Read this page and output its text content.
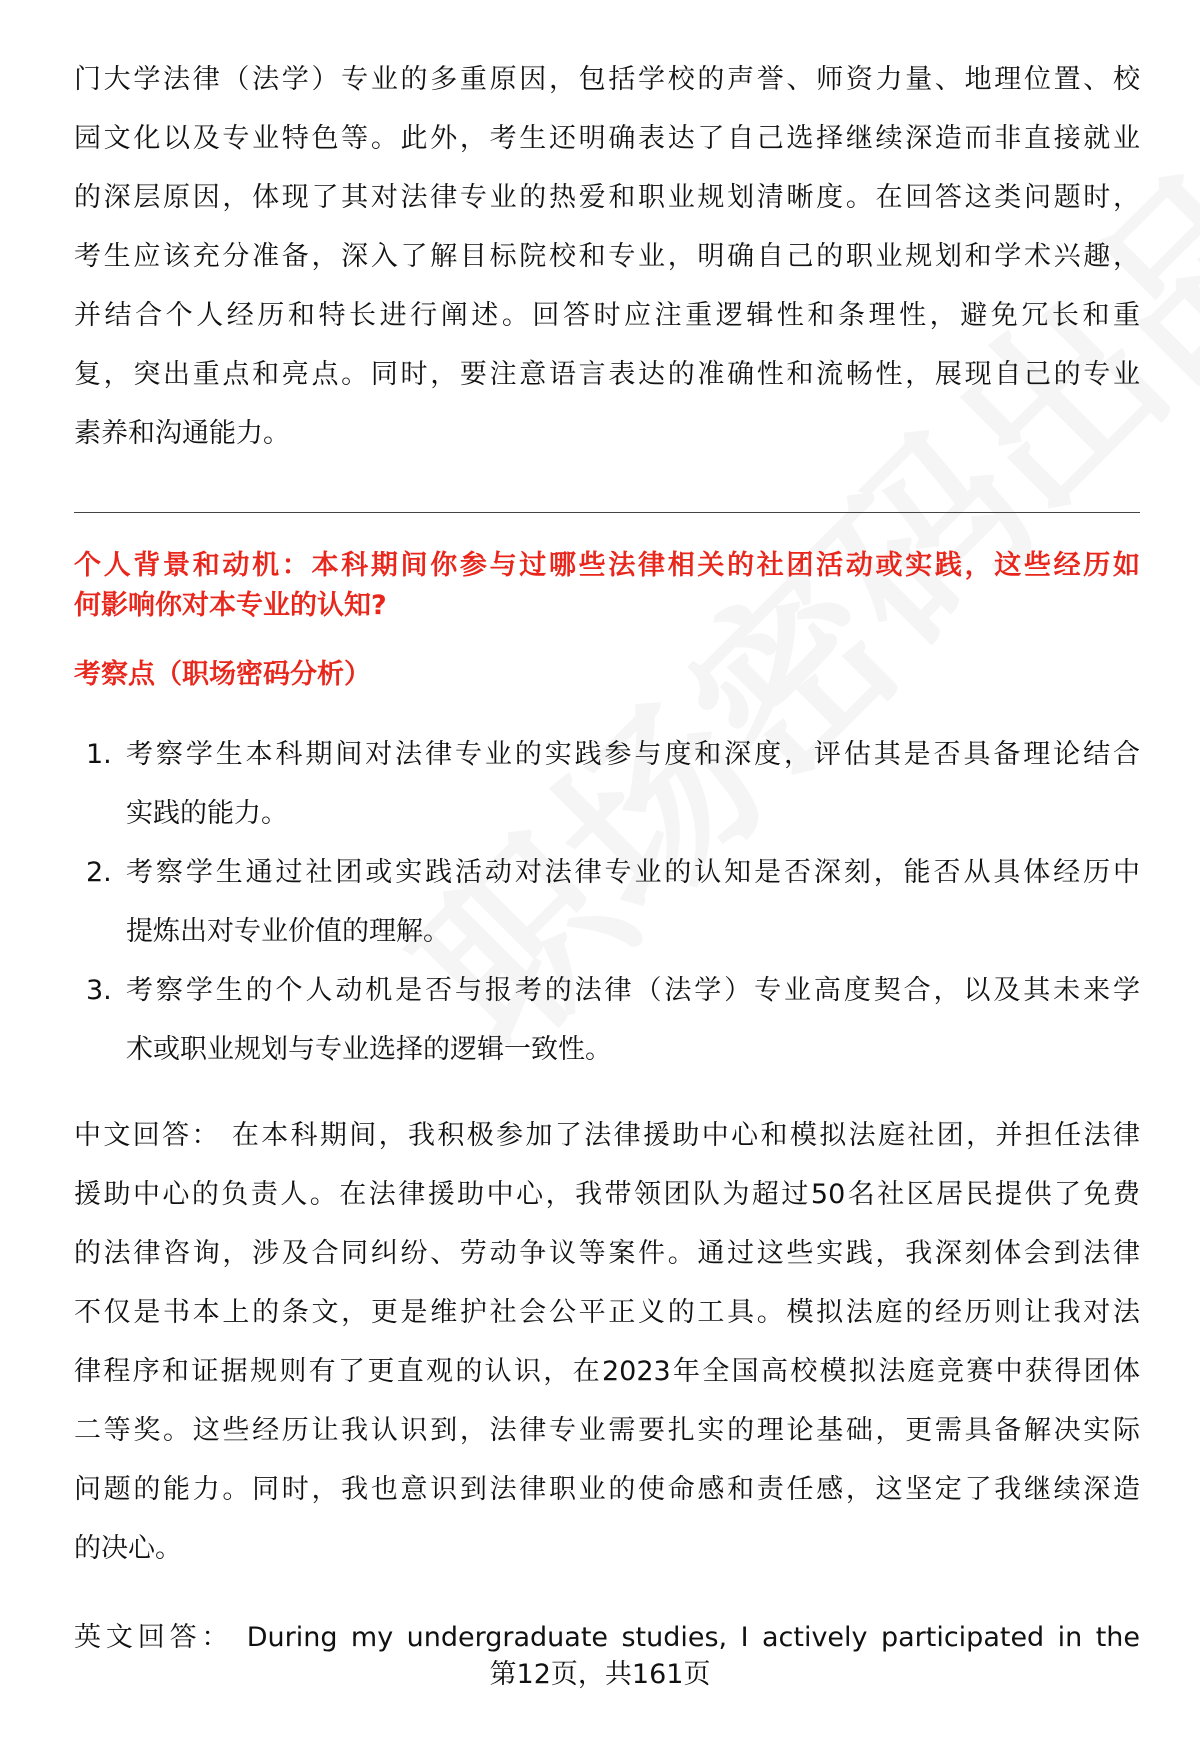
门大学法律（法学）专业的多重原因，包括学校的声誉、师资力量、地理位置、校
园文化以及专业特色等。此外，考生还明确表达了自己选择继续深造而非直接就业
的深层原因，体现了其对法律专业的热爱和职业规划清晰度。在回答这类问题时，
考生应该充分准备，深入了解目标院校和专业，明确自己的职业规划和学术兴趣，
并结合个人经历和特长进行阐述。回答时应注重逻辑性和条理性，避免冗长和重
复，突出重点和亮点。同时，要注意语言表达的准确性和流畅性，展现自己的专业
素养和沟通能力。
个人背景和动机：本科期间你参与过哪些法律相关的社团活动或实践，这些经历如
何影响你对本专业的认知?
考察点（职场密码分析）
1. 考察学生本科期间对法律专业的实践参与度和深度，评估其是否具备理论结合
实践的能力。
2. 考察学生通过社团或实践活动对法律专业的认知是否深刻，能否从具体经历中
提炼出对专业价值的理解。
3. 考察学生的个人动机是否与报考的法律（法学）专业高度契合，以及其未来学
术或职业规划与专业选择的逻辑一致性。
中文回答： 在本科期间，我积极参加了法律援助中心和模拟法庭社团，并担任法律
援助中心的负责人。在法律援助中心，我带领团队为超过50名社区居民提供了免费
的法律咨询，涉及合同纠纷、劳动争议等案件。通过这些实践，我深刻体会到法律
不仅是书本上的条文，更是维护社会公平正义的工具。模拟法庭的经历则让我对法
律程序和证据规则有了更直观的认识，在2023年全国高校模拟法庭竞赛中获得团体
二等奖。这些经历让我认识到，法律专业需要扎实的理论基础，更需具备解决实际
问题的能力。同时，我也意识到法律职业的使命感和责任感，这坚定了我继续深造
的决心。
英文回答： During my undergraduate studies, I actively participated in the
第12页，共161页
